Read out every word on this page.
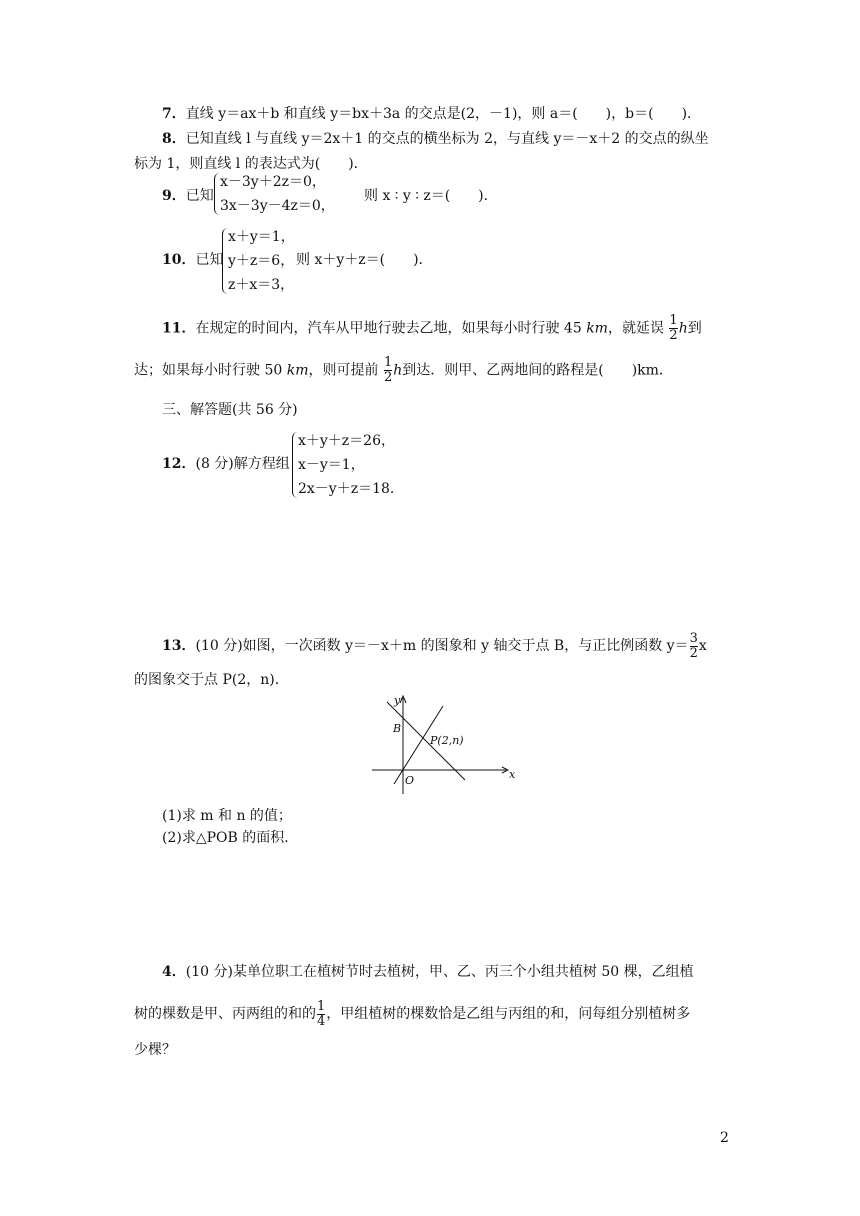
7．直线 y＝ax＋b 和直线 y＝bx＋3a 的交点是(2，－1)，则 a＝(　　)，b＝(　　)．
8．已知直线 l 与直线 y＝2x＋1 的交点的横坐标为 2，与直线 y＝－x＋2 的交点的纵坐
标为 1，则直线 l 的表达式为(　　)．
9．已知
x－3y＋2z＝0，
3x－3y－4z＝0，
则 x ∶ y ∶ z＝(　　)．
10．已知
x＋y＝1，
y＋z＝6，
z＋x＝3，
则 x＋y＋z＝(　　)．
11．在规定的时间内，汽车从甲地行驶去乙地，如果每小时行驶 45 km，就延误 $\frac{1}{2}$ h到
达；如果每小时行驶 50 km，则可提前 $\frac{1}{2}$ h到达．则甲、乙两地间的路程是(　　)km．
三、解答题(共 56 分)
12．(8 分)解方程组
x＋y＋z＝26，
x－y＝1，
2x－y＋z＝18．
13．(10 分)如图，一次函数 y＝－x＋m 的图象和 y 轴交于点 B，与正比例函数 $y= \frac{3}{2}$ x
的图象交于点 P(2，n)．
y
x
O
B
P(2,n)
(1)求 m 和 n 的值；
(2)求△POB 的面积．
4．(10 分)某单位职工在植树节时去植树，甲、乙、丙三个小组共植树 50 棵，乙组植
树的棵数是甲、丙两组的和的 $\frac{1}{4}$ ，甲组植树的棵数恰是乙组与丙组的和，问每组分别植树多
少棵？
2
